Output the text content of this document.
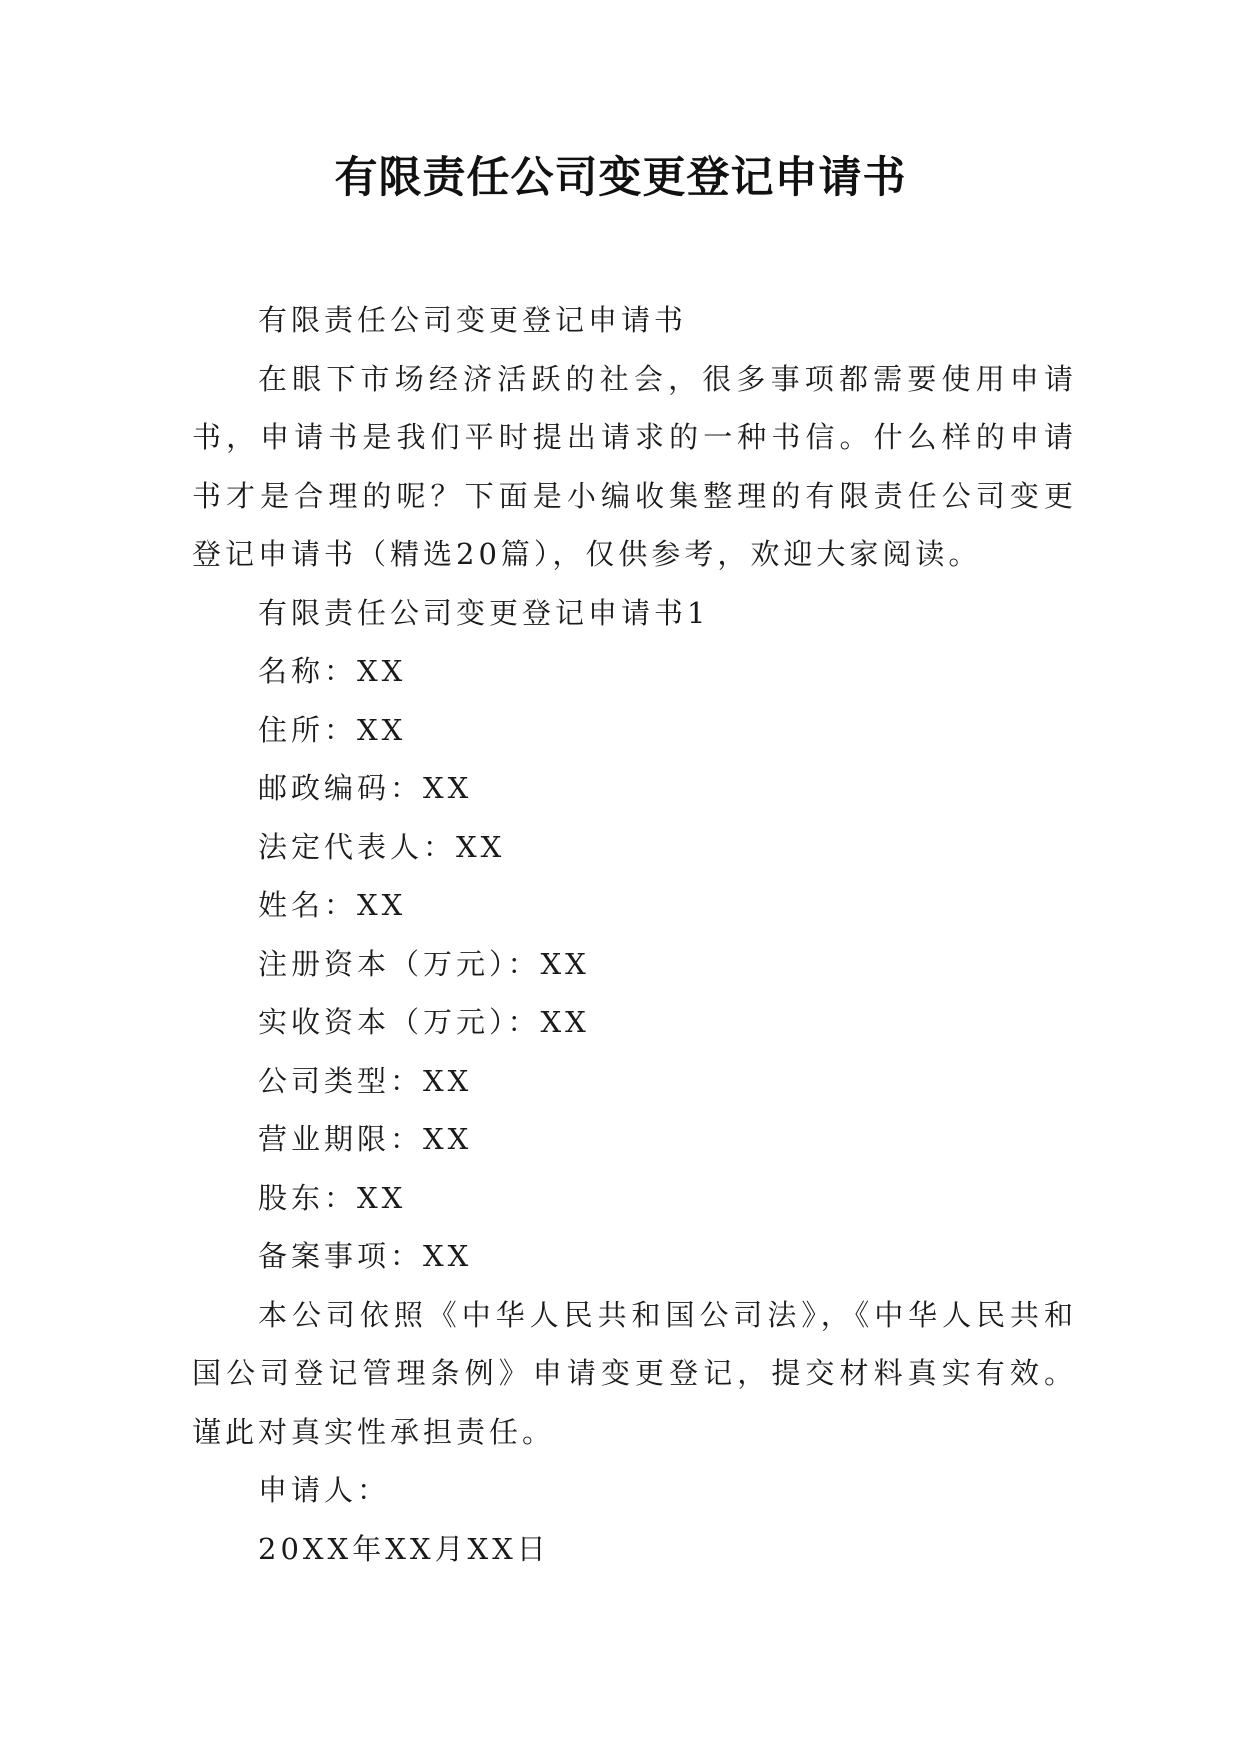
有限责任公司变更登记申请书

有限责任公司变更登记申请书

在眼下市场经济活跃的社会，很多事项都需要使用申请书，申请书是我们平时提出请求的一种书信。什么样的申请书才是合理的呢？下面是小编收集整理的有限责任公司变更登记申请书（精选20篇），仅供参考，欢迎大家阅读。

有限责任公司变更登记申请书1

名称：XX

住所：XX

邮政编码：XX

法定代表人：XX

姓名：XX

注册资本（万元）：XX

实收资本（万元）：XX

公司类型：XX

营业期限：XX

股东：XX

备案事项：XX

本公司依照《中华人民共和国公司法》，《中华人民共和国公司登记管理条例》申请变更登记，提交材料真实有效。谨此对真实性承担责任。

申请人：

20XX年XX月XX日
